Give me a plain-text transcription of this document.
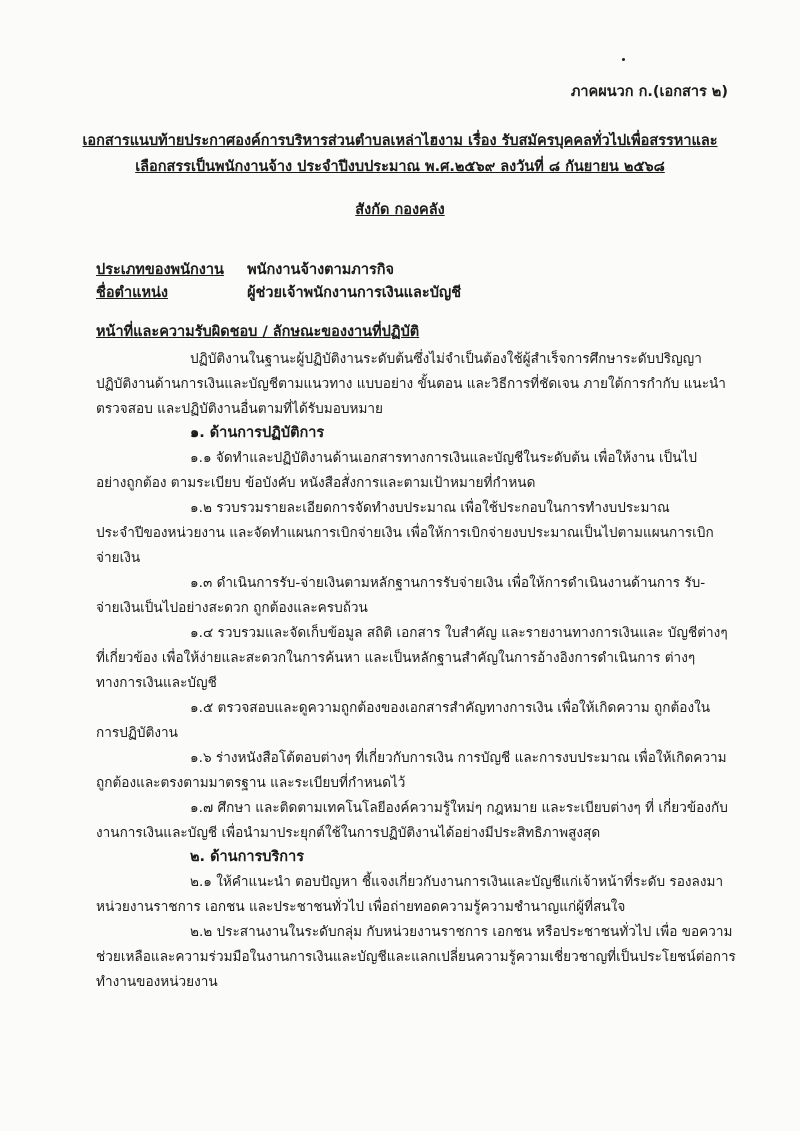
ภาคผนวก ก.(เอกสาร ๒)
เอกสารแนบท้ายประกาศองค์การบริหารส่วนตำบลเหล่าไฮงาม เรื่อง รับสมัครบุคคลทั่วไปเพื่อสรรหาและ
เลือกสรรเป็นพนักงานจ้าง ประจำปีงบประมาณ พ.ศ.๒๕๖๙ ลงวันที่ ๘ กันยายน ๒๕๖๘
สังกัด กองคลัง
ประเภทของพนักงาน พนักงานจ้างตามภารกิจ
ชื่อตำแหน่ง	ผู้ช่วยเจ้าพนักงานการเงินและบัญชี
หน้าที่และความรับผิดชอบ / ลักษณะของงานที่ปฏิบัติ
ปฏิบัติงานในฐานะผู้ปฏิบัติงานระดับต้นซึ่งไม่จำเป็นต้องใช้ผู้สำเร็จการศึกษาระดับปริญญา
ปฏิบัติงานด้านการเงินและบัญชีตามแนวทาง แบบอย่าง ขั้นตอน และวิธีการที่ชัดเจน ภายใต้การกำกับ แนะนำ
ตรวจสอบ และปฏิบัติงานอื่นตามที่ได้รับมอบหมาย
๑. ด้านการปฏิบัติการ
๑.๑ จัดทำและปฏิบัติงานด้านเอกสารทางการเงินและบัญชีในระดับต้น เพื่อให้งาน เป็นไป
อย่างถูกต้อง ตามระเบียบ ข้อบังคับ หนังสือสั่งการและตามเป้าหมายที่กำหนด
๑.๒ รวบรวมรายละเอียดการจัดทำงบประมาณ เพื่อใช้ประกอบในการทำงบประมาณ
ประจำปีของหน่วยงาน และจัดทำแผนการเบิกจ่ายเงิน เพื่อให้การเบิกจ่ายงบประมาณเป็นไปตามแผนการเบิก
จ่ายเงิน
๑.๓ ดำเนินการรับ-จ่ายเงินตามหลักฐานการรับจ่ายเงิน เพื่อให้การดำเนินงานด้านการ รับ-
จ่ายเงินเป็นไปอย่างสะดวก ถูกต้องและครบถ้วน
๑.๔ รวบรวมและจัดเก็บข้อมูล สถิติ เอกสาร ใบสำคัญ และรายงานทางการเงินและ บัญชีต่างๆ
ที่เกี่ยวข้อง เพื่อให้ง่ายและสะดวกในการค้นหา และเป็นหลักฐานสำคัญในการอ้างอิงการดำเนินการ ต่างๆ
ทางการเงินและบัญชี
๑.๕ ตรวจสอบและดูความถูกต้องของเอกสารสำคัญทางการเงิน เพื่อให้เกิดความ ถูกต้องใน
การปฏิบัติงาน
๑.๖ ร่างหนังสือโต้ตอบต่างๆ ที่เกี่ยวกับการเงิน การบัญชี และการงบประมาณ เพื่อให้เกิดความ
ถูกต้องและตรงตามมาตรฐาน และระเบียบที่กำหนดไว้
๑.๗ ศึกษา และติดตามเทคโนโลยีองค์ความรู้ใหม่ๆ กฎหมาย และระเบียบต่างๆ ที่ เกี่ยวข้องกับ
งานการเงินและบัญชี เพื่อนำมาประยุกต์ใช้ในการปฏิบัติงานได้อย่างมีประสิทธิภาพสูงสุด
๒. ด้านการบริการ
๒.๑ ให้คำแนะนำ ตอบปัญหา ชี้แจงเกี่ยวกับงานการเงินและบัญชีแก่เจ้าหน้าที่ระดับ รองลงมา
หน่วยงานราชการ เอกชน และประชาชนทั่วไป เพื่อถ่ายทอดความรู้ความชำนาญแก่ผู้ที่สนใจ
๒.๒ ประสานงานในระดับกลุ่ม กับหน่วยงานราชการ เอกชน หรือประชาชนทั่วไป เพื่อ ขอความ
ช่วยเหลือและความร่วมมือในงานการเงินและบัญชีและแลกเปลี่ยนความรู้ความเชี่ยวชาญที่เป็นประโยชน์ต่อการ
ทำงานของหน่วยงาน
